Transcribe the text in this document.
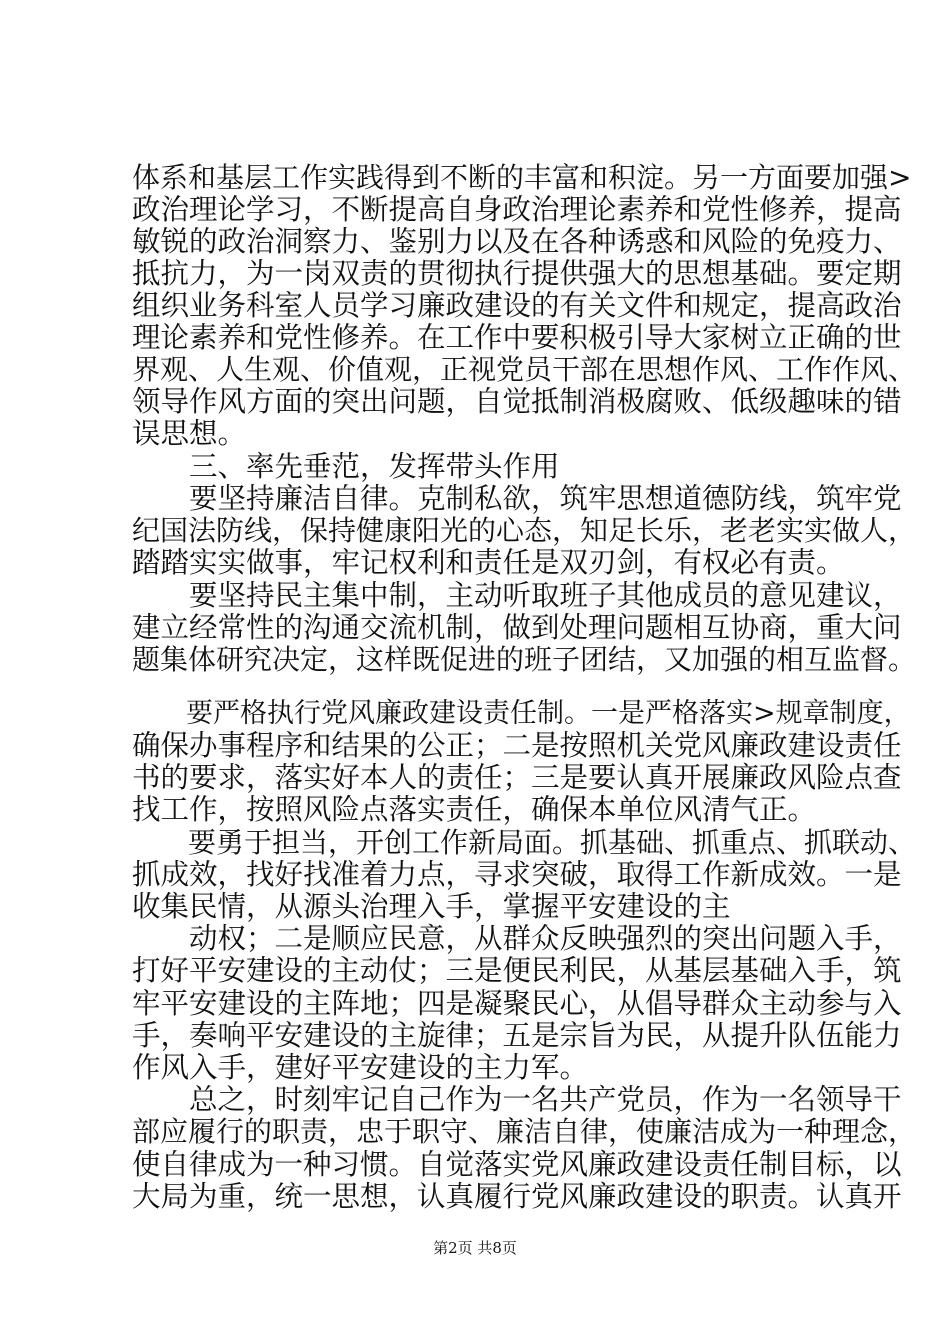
体系和基层工作实践得到不断的丰富和积淀。另一方面要加强>
政治理论学习，不断提高自身政治理论素养和党性修养，提高
敏锐的政治洞察力、鉴别力以及在各种诱惑和风险的免疫力、
抵抗力，为一岗双责的贯彻执行提供强大的思想基础。要定期
组织业务科室人员学习廉政建设的有关文件和规定，提高政治
理论素养和党性修养。在工作中要积极引导大家树立正确的世
界观、人生观、价值观，正视党员干部在思想作风、工作作风、
领导作风方面的突出问题，自觉抵制消极腐败、低级趣味的错
误思想。
　　三、率先垂范，发挥带头作用
　　要坚持廉洁自律。克制私欲，筑牢思想道德防线，筑牢党
纪国法防线，保持健康阳光的心态，知足长乐，老老实实做人，
踏踏实实做事，牢记权利和责任是双刃剑，有权必有责。
　　要坚持民主集中制，主动听取班子其他成员的意见建议，
建立经常性的沟通交流机制，做到处理问题相互协商，重大问
题集体研究决定，这样既促进的班子团结，又加强的相互监督。
　　要严格执行党风廉政建设责任制。一是严格落实>规章制度，
确保办事程序和结果的公正；二是按照机关党风廉政建设责任
书的要求，落实好本人的责任；三是要认真开展廉政风险点查
找工作，按照风险点落实责任，确保本单位风清气正。
　　要勇于担当，开创工作新局面。抓基础、抓重点、抓联动、
抓成效，找好找准着力点，寻求突破，取得工作新成效。一是
收集民情，从源头治理入手，掌握平安建设的主
　　动权；二是顺应民意，从群众反映强烈的突出问题入手，
打好平安建设的主动仗；三是便民利民，从基层基础入手，筑
牢平安建设的主阵地；四是凝聚民心，从倡导群众主动参与入
手，奏响平安建设的主旋律；五是宗旨为民，从提升队伍能力
作风入手，建好平安建设的主力军。
　　总之，时刻牢记自己作为一名共产党员，作为一名领导干
部应履行的职责，忠于职守、廉洁自律，使廉洁成为一种理念，
使自律成为一种习惯。自觉落实党风廉政建设责任制目标，以
大局为重，统一思想，认真履行党风廉政建设的职责。认真开
第2页 共8页
